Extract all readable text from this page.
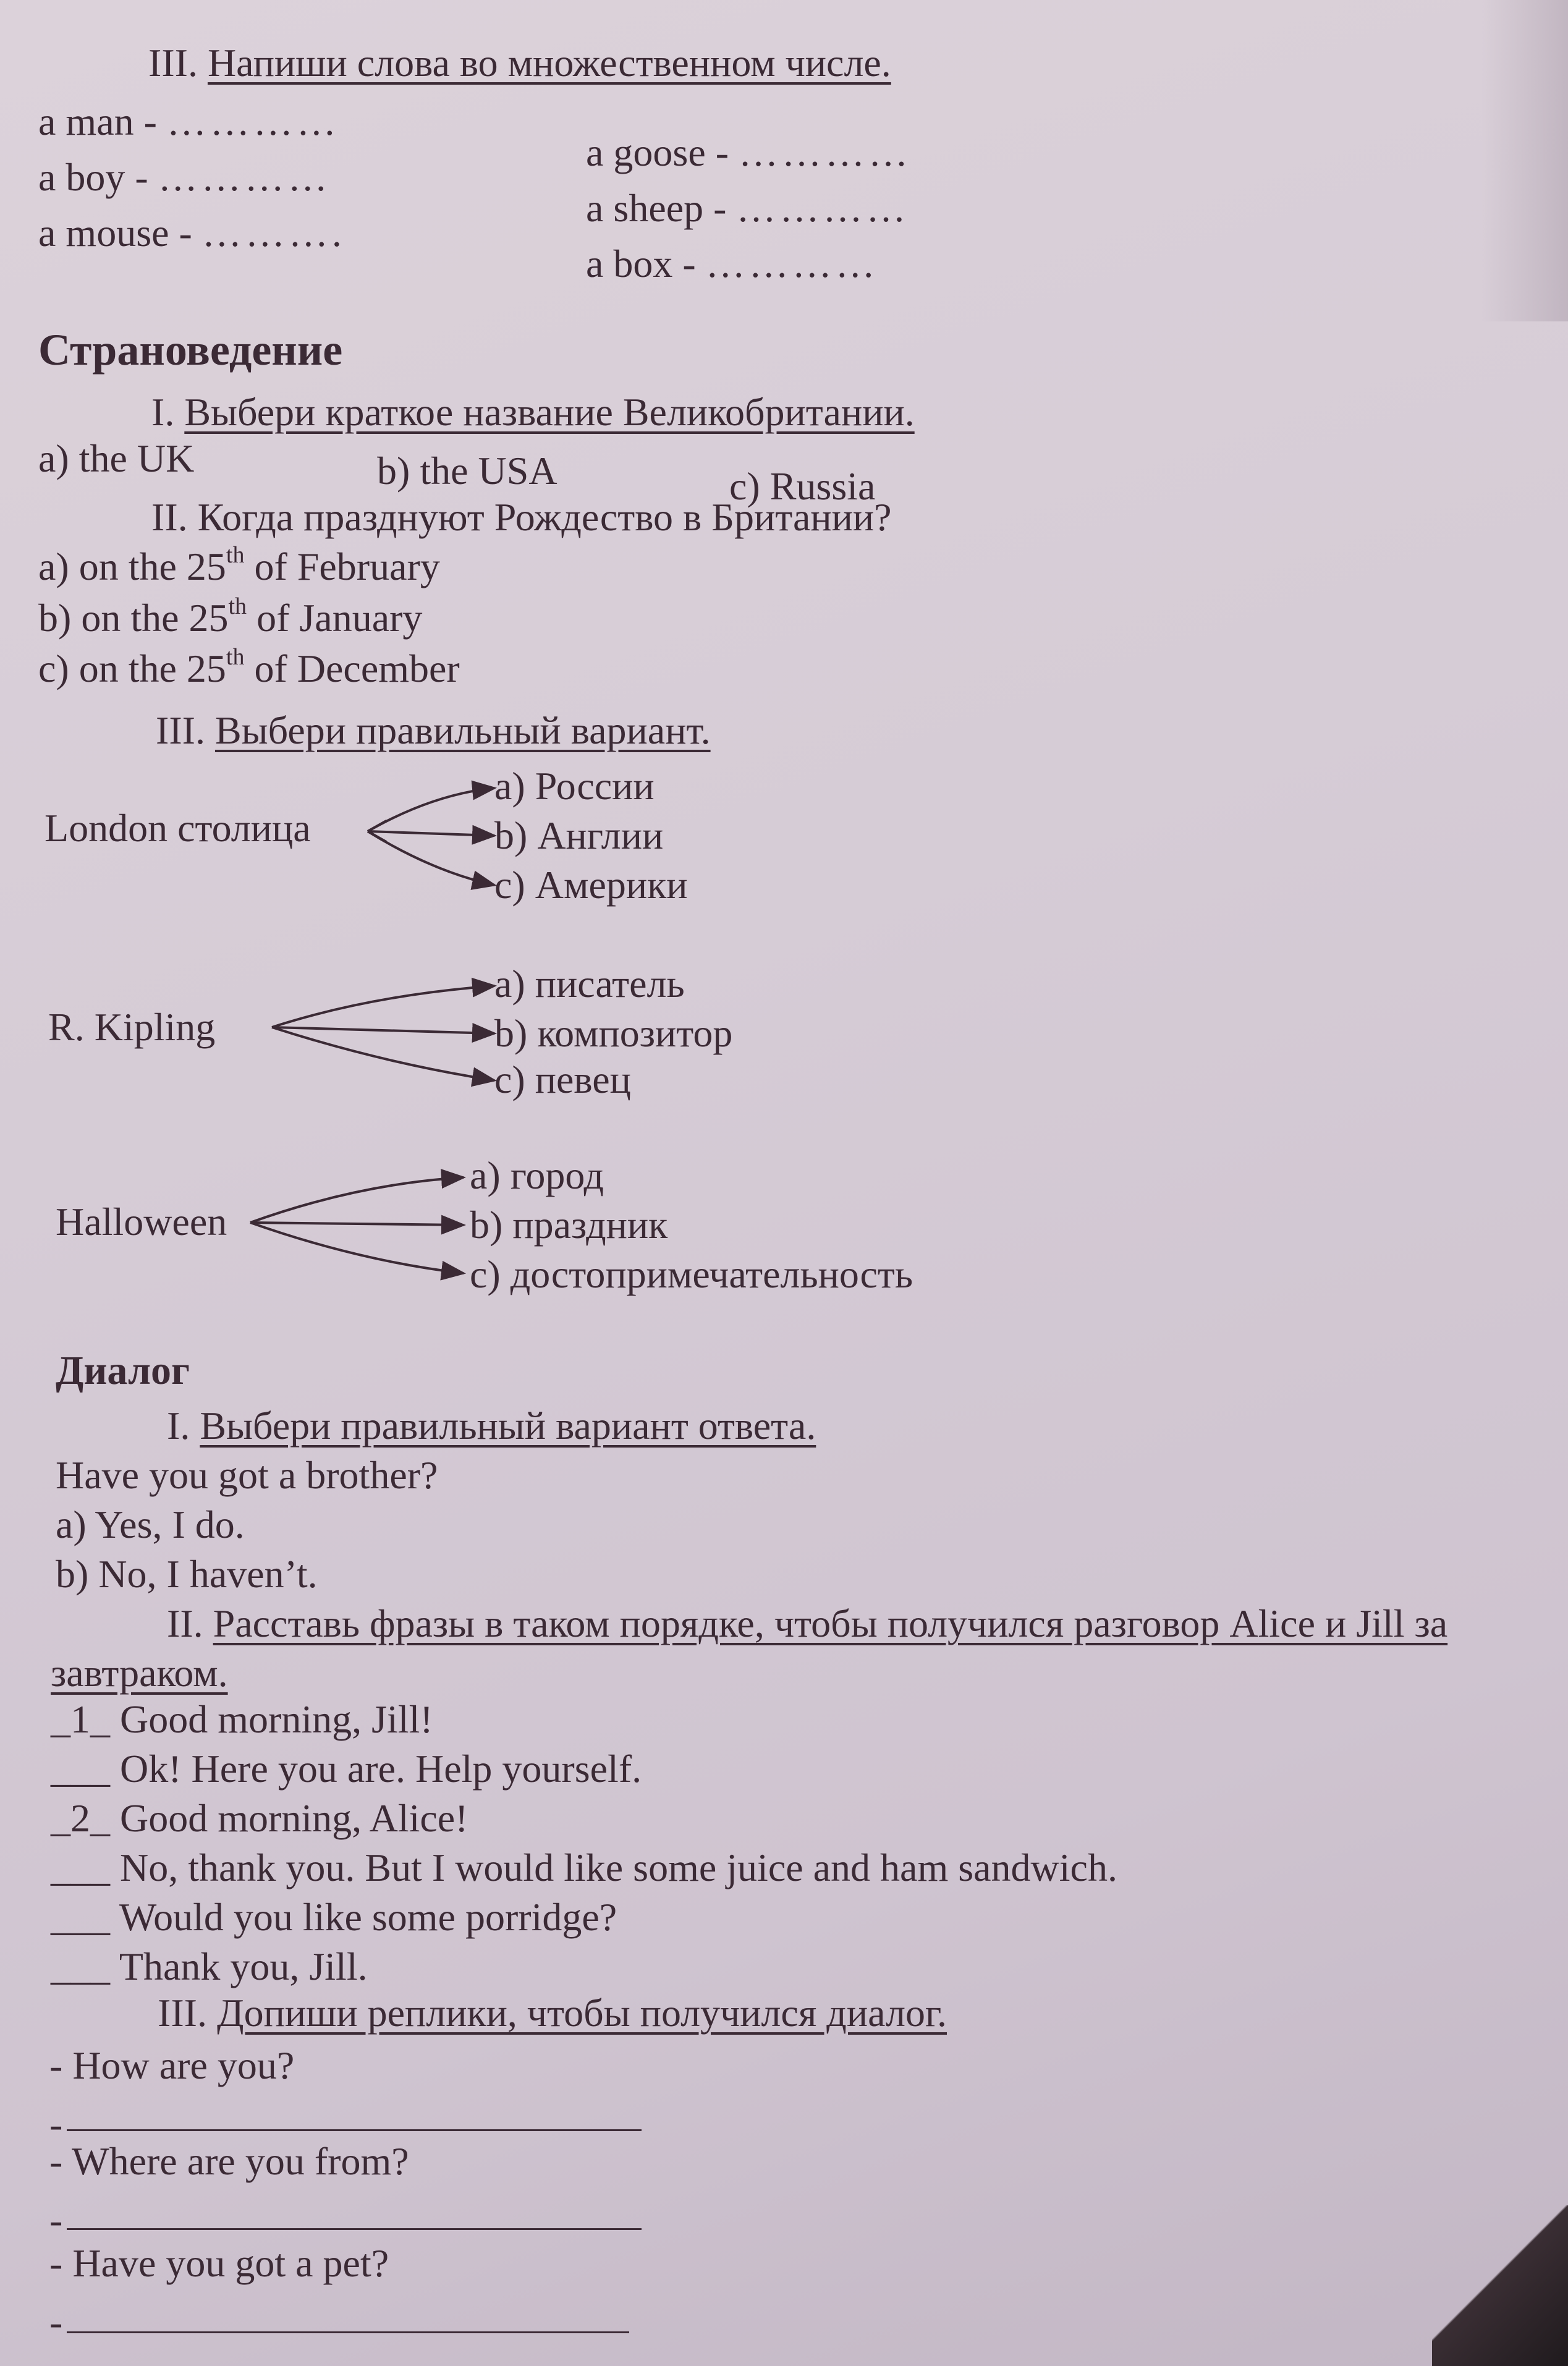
III. Напиши слова во множественном числе.
a man - …………
a boy - …………
a mouse - ……….
a goose - …………
a sheep - …………
a box - …………
Страноведение
I. Выбери краткое название Великобритании.
a) the UK	b) the USA	c) Russia
II. Когда празднуют Рождество в Британии?
a) on the 25th of February
b) on the 25th of January
c) on the 25th of December
III. Выбери правильный вариант.
London столица
a) России
b) Англии
c) Америки
R. Kipling
a) писатель
b) композитор
c) певец
Halloween
a) город
b) праздник
c) достопримечательность
Диалог
I. Выбери правильный вариант ответа.
Have you got a brother?
a) Yes, I do.
b) No, I haven’t.
II. Расставь фразы в таком порядке, чтобы получился разговор Alice и Jill за
завтраком.
_1_ Good morning, Jill!
___ Ok! Here you are. Help yourself.
_2_ Good morning, Alice!
___ No, thank you. But I would like some juice and ham sandwich.
___ Would you like some porridge?
___ Thank you, Jill.
III. Допиши реплики, чтобы получился диалог.
- How are you?
-
- Where are you from?
-
- Have you got a pet?
-
